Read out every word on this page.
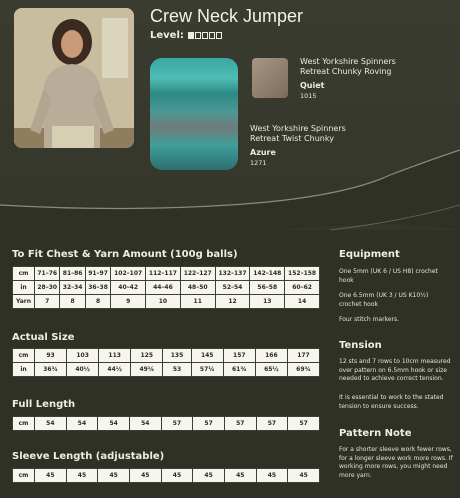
Crew Neck Jumper
Level:
West Yorkshire Spinners
Retreat Chunky Roving
Quiet
1015
West Yorkshire Spinners
Retreat Twist Chunky
Azure
1271
To Fit Chest & Yarn Amount (100g balls)
cm	71–76	81–86	91–97	102–107	112–117	122–127	132–137	142–148	152–158
in	28–30	32–34	36–38	40–42	44–46	48–50	52–54	56–58	60–62
Yarn	7	8	8	9	10	11	12	13	14
Actual Size
cm	93	103	113	125	135	145	157	166	177
in	36¾	40½	44½	49¼	53	57¼	61¾	65½	69¾
Full Length
cm	54	54	54	54	57	57	57	57	57
Sleeve Length (adjustable)
cm	45	45	45	45	45	45	45	45	45
Equipment

One 5mm (UK 6 / US H8) crochet hook

One 6.5mm (UK 3 / US K10½) crochet hook

Four stitch markers.

Tension

12 sts and 7 rows to 10cm measured over pattern on 6.5mm hook or size needed to achieve correct tension.

It is essential to work to the stated tension to ensure success.

Pattern Note

For a shorter sleeve work fewer rows, for a longer sleeve work more rows. If working more rows, you might need more yarn.
